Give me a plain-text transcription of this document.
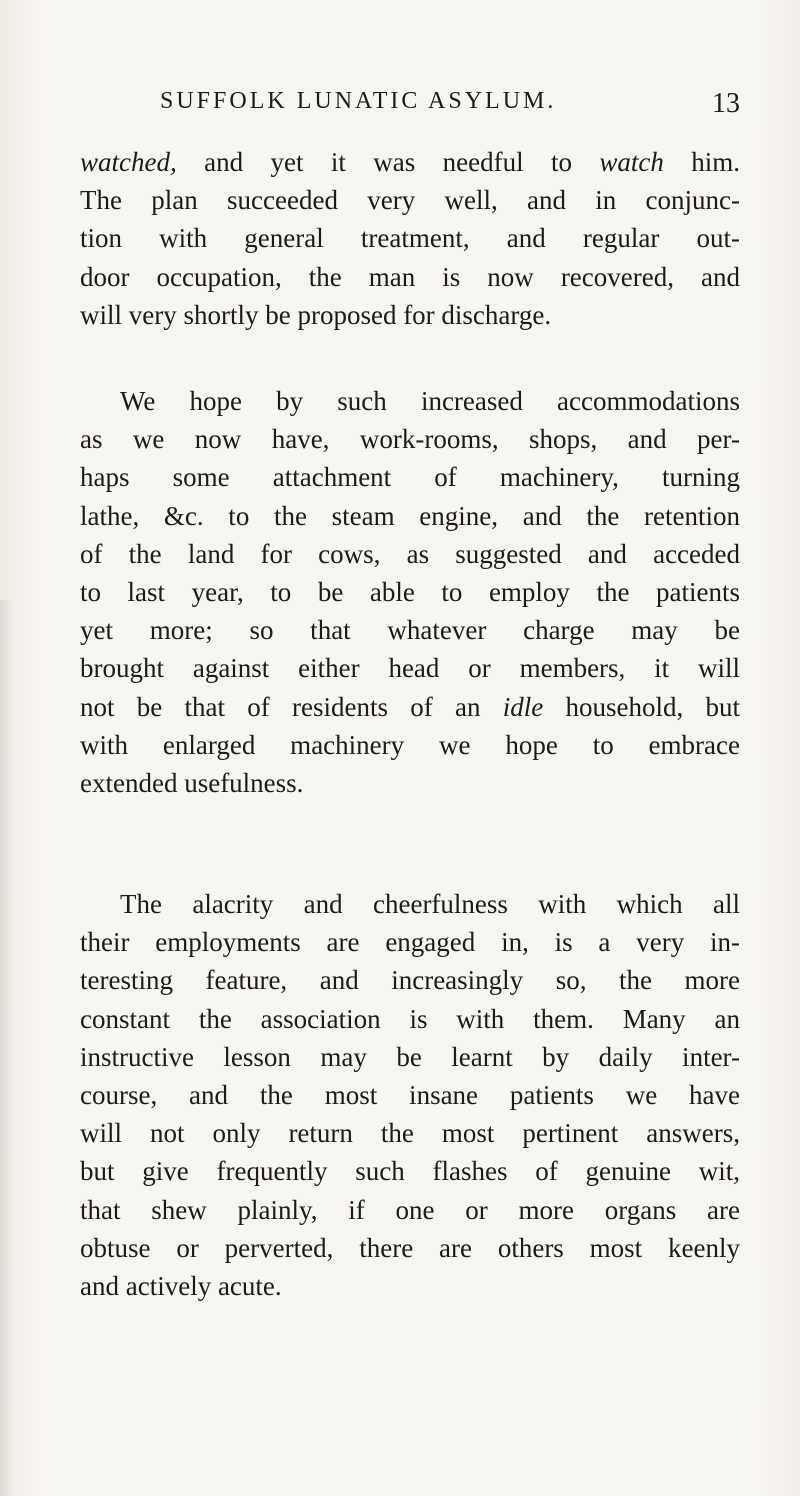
SUFFOLK LUNATIC ASYLUM.	13

watched, and yet it was needful to watch him.
The plan succeeded very well, and in conjunc-
tion with general treatment, and regular out-
door occupation, the man is now recovered, and
will very shortly be proposed for discharge.

We hope by such increased accommodations
as we now have, work-rooms, shops, and per-
haps some attachment of machinery, turning
lathe, &c. to the steam engine, and the retention
of the land for cows, as suggested and acceded
to last year, to be able to employ the patients
yet more; so that whatever charge may be
brought against either head or members, it will
not be that of residents of an idle household, but
with enlarged machinery we hope to embrace
extended usefulness.

The alacrity and cheerfulness with which all
their employments are engaged in, is a very in-
teresting feature, and increasingly so, the more
constant the association is with them. Many an
instructive lesson may be learnt by daily inter-
course, and the most insane patients we have
will not only return the most pertinent answers,
but give frequently such flashes of genuine wit,
that shew plainly, if one or more organs are
obtuse or perverted, there are others most keenly
and actively acute.
